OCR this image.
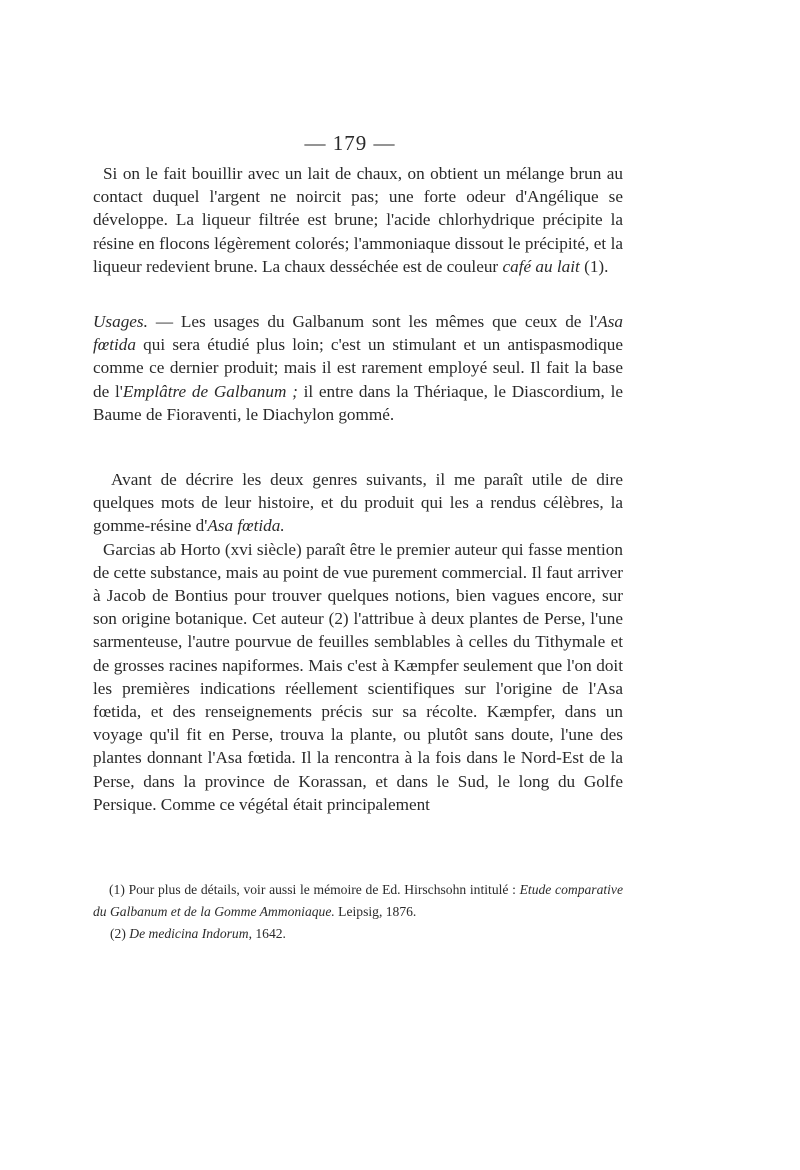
— 179 —

Si on le fait bouillir avec un lait de chaux, on obtient un mélange brun au contact duquel l'argent ne noircit pas; une forte odeur d'Angélique se développe. La liqueur filtrée est brune; l'acide chlorhydrique précipite la résine en flocons légèrement colorés; l'ammoniaque dissout le précipité, et la liqueur redevient brune. La chaux desséchée est de couleur café au lait (1).

Usages. — Les usages du Galbanum sont les mêmes que ceux de l'Asa fœtida qui sera étudié plus loin; c'est un stimulant et un antispasmodique comme ce dernier produit; mais il est rarement employé seul. Il fait la base de l'Emplâtre de Galbanum ; il entre dans la Thériaque, le Diascordium, le Baume de Fioraventi, le Diachylon gommé.

Avant de décrire les deux genres suivants, il me paraît utile de dire quelques mots de leur histoire, et du produit qui les a rendus célèbres, la gomme-résine d'Asa fœtida.

Garcias ab Horto (xvi siècle) paraît être le premier auteur qui fasse mention de cette substance, mais au point de vue purement commercial. Il faut arriver à Jacob de Bontius pour trouver quelques notions, bien vagues encore, sur son origine botanique. Cet auteur (2) l'attribue à deux plantes de Perse, l'une sarmenteuse, l'autre pourvue de feuilles semblables à celles du Tithymale et de grosses racines napiformes. Mais c'est à Kæmpfer seulement que l'on doit les premières indications réellement scientifiques sur l'origine de l'Asa fœtida, et des renseignements précis sur sa récolte. Kæmpfer, dans un voyage qu'il fit en Perse, trouva la plante, ou plutôt sans doute, l'une des plantes donnant l'Asa fœtida. Il la rencontra à la fois dans le Nord-Est de la Perse, dans la province de Korassan, et dans le Sud, le long du Golfe Persique. Comme ce végétal était principalement

(1) Pour plus de détails, voir aussi le mémoire de Ed. Hirschsohn intitulé : Etude comparative du Galbanum et de la Gomme Ammoniaque. Leipsig, 1876.

(2) De medicina Indorum, 1642.
